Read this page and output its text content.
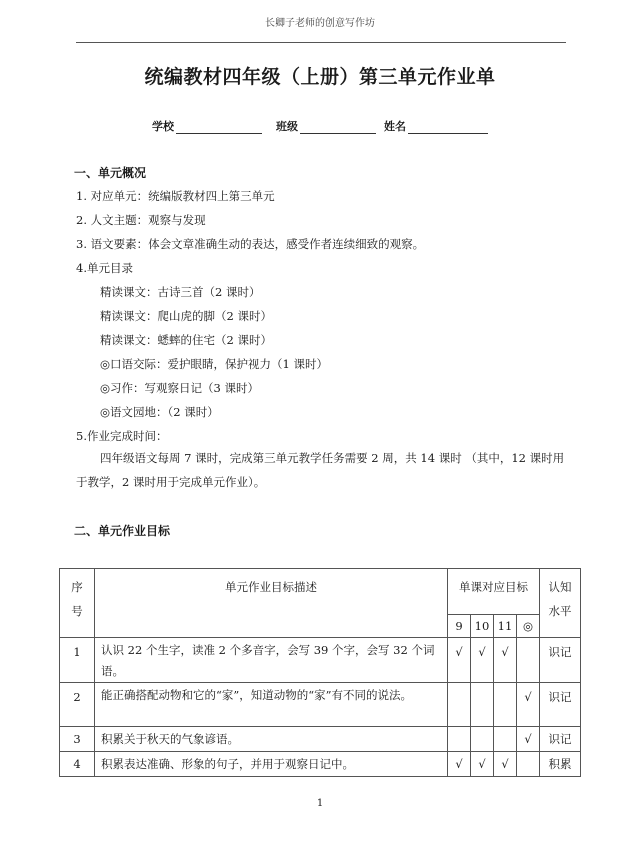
长卿子老师的创意写作坊
统编教材四年级（上册）第三单元作业单
学校	班级	姓名
一、单元概况
1. 对应单元：统编版教材四上第三单元
2. 人文主题：观察与发现
3. 语文要素：体会文章准确生动的表达，感受作者连续细致的观察。
4.单元目录
精读课文：古诗三首（2 课时）
精读课文：爬山虎的脚（2 课时）
精读课文：蟋蟀的住宅（2 课时）
◎口语交际：爱护眼睛，保护视力（1 课时）
◎习作：写观察日记（3 课时）
◎语文园地：（2 课时）
5.作业完成时间：
四年级语文每周 7 课时，完成第三单元教学任务需要 2 周，共 14 课时 （其中，12 课时用于教学，2 课时用于完成单元作业）。
二、单元作业目标
序号	单元作业目标描述	单课对应目标				认知水平

		9	10	11	◎	

1	认识 22 个生字，读准 2 个多音字，会写 39 个字，会写 32 个词语。	√	√	√		识记

2	能正确搭配动物和它的“家”，知道动物的“家”有不同的说法。				√	识记

3	积累关于秋天的气象谚语。				√	识记

4	积累表达准确、形象的句子，并用于观察日记中。	√	√	√		积累
1
